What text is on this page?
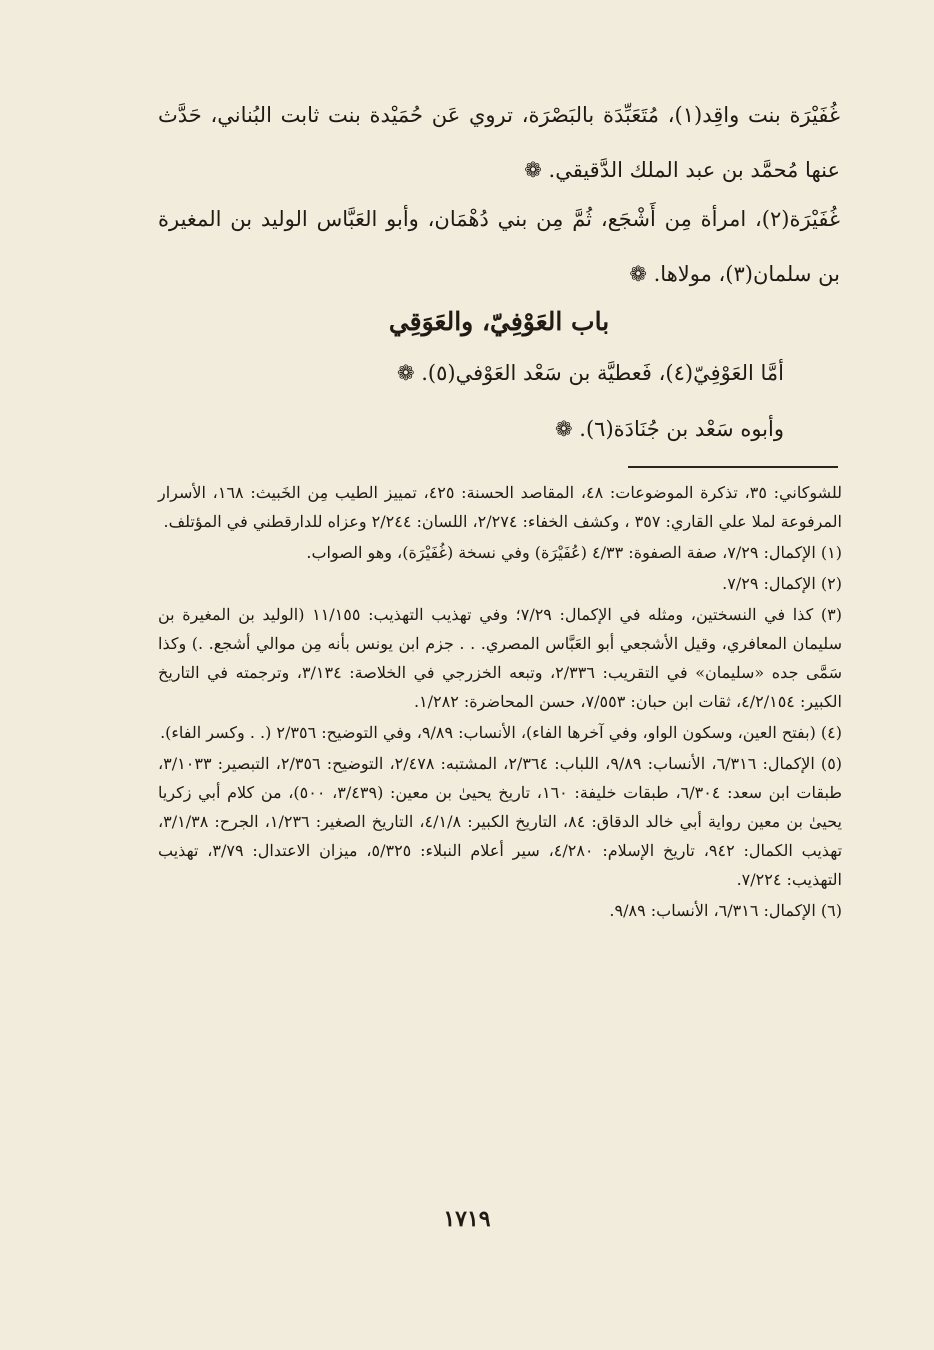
غُفَيْرَة بنت واقِد(١)، مُتَعَبِّدَة بالبَصْرَة، تروي عَن حُمَيْدة بنت ثابت البُناني، حَدَّث عنها مُحمَّد بن عبد الملك الدَّقيقي. ❁

غُفَيْرَة(٢)، امرأة مِن أَشْجَع، ثُمَّ مِن بني دُهْمَان، وأبو العَبَّاس الوليد بن المغيرة بن سلمان(٣)، مولاها. ❁

باب العَوْفِيّ، والعَوَقِي

أمَّا العَوْفِيّ(٤)، فَعطيَّة بن سَعْد العَوْفي(٥). ❁

وأبوه سَعْد بن جُنَادَة(٦). ❁

للشوكاني: ٣٥، تذكرة الموضوعات: ٤٨، المقاصد الحسنة: ٤٢٥، تمييز الطيب مِن الخَبيث: ١٦٨، الأسرار المرفوعة لملا علي القاري: ٣٥٧ ، وكشف الخفاء: ٢/٢٧٤، اللسان: ٢/٢٤٤ وعزاه للدارقطني في المؤتلف.

(١) الإكمال: ٧/٢٩، صفة الصفوة: ٤/٣٣ (عُفَيْرَة) وفي نسخة (غُفَيْرَة)، وهو الصواب.

(٢) الإكمال: ٧/٢٩.

(٣) كذا في النسختين، ومثله في الإكمال: ٧/٢٩؛ وفي تهذيب التهذيب: ١١/١٥٥ (الوليد بن المغيرة بن سليمان المعافري، وقيل الأشجعي أبو العَبَّاس المصري. . . جزم ابن يونس بأنه مِن موالي أشجع. .) وكذا سَمَّى جده «سليمان» في التقريب: ٢/٣٣٦، وتبعه الخزرجي في الخلاصة: ٣/١٣٤، وترجمته في التاريخ الكبير: ٤/٢/١٥٤، ثقات ابن حبان: ٧/٥٥٣، حسن المحاضرة: ١/٢٨٢.

(٤) (بفتح العين، وسكون الواو، وفي آخرها الفاء)، الأنساب: ٩/٨٩، وفي التوضيح: ٢/٣٥٦ (. . وكسر الفاء).

(٥) الإكمال: ٦/٣١٦، الأنساب: ٩/٨٩، اللباب: ٢/٣٦٤، المشتبه: ٢/٤٧٨، التوضيح: ٢/٣٥٦، التبصير: ٣/١٠٣٣، طبقات ابن سعد: ٦/٣٠٤، طبقات خليفة: ١٦٠، تاريخ يحيىٰ بن معين: (٣/٤٣٩، ٥٠٠)، من كلام أبي زكريا يحيىٰ بن معين رواية أبي خالد الدقاق: ٨٤، التاريخ الكبير: ٤/١/٨، التاريخ الصغير: ١/٢٣٦، الجرح: ٣/١/٣٨، تهذيب الكمال: ٩٤٢، تاريخ الإسلام: ٤/٢٨٠، سير أعلام النبلاء: ٥/٣٢٥، ميزان الاعتدال: ٣/٧٩، تهذيب التهذيب: ٧/٢٢٤.

(٦) الإكمال: ٦/٣١٦، الأنساب: ٩/٨٩.

١٧١٩
